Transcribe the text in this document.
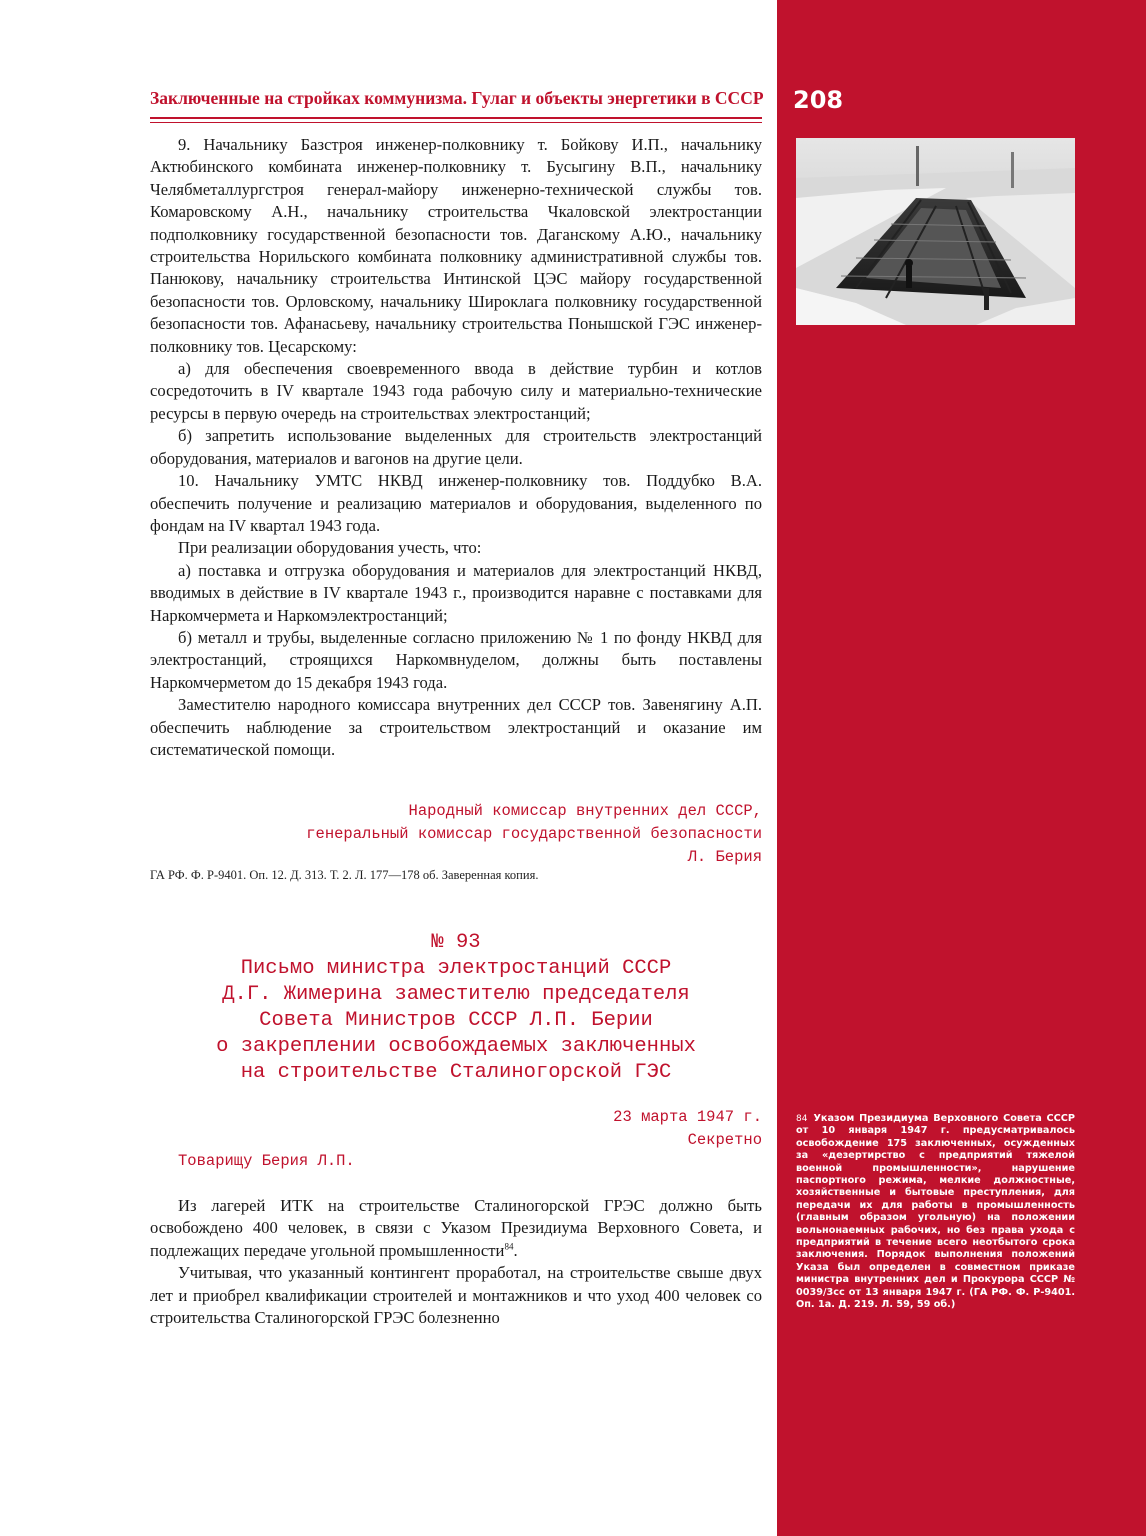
Заключенные на стройках коммунизма. Гулаг и объекты энергетики в СССР 208

9. Начальнику Базстроя инженер-полковнику т. Бойкову И.П., начальнику Актюбинского комбината инженер-полковнику т. Бусыгину В.П., начальнику Челябметаллургстроя генерал-майору инженерно-технической службы тов. Комаровскому А.Н., начальнику строительства Чкаловской электростанции подполковнику государственной безопасности тов. Даганскому А.Ю., начальнику строительства Норильского комбината полковнику административной службы тов. Панюкову, начальнику строительства Интинской ЦЭС майору государственной безопасности тов. Орловскому, начальнику Широклага полковнику государственной безопасности тов. Афанасьеву, начальнику строительства Понышской ГЭС инженер-полковнику тов. Цесарскому:

а) для обеспечения своевременного ввода в действие турбин и котлов сосредоточить в IV квартале 1943 года рабочую силу и материально-технические ресурсы в первую очередь на строительствах электростанций;

б) запретить использование выделенных для строительств электростанций оборудования, материалов и вагонов на другие цели.

10. Начальнику УМТС НКВД инженер-полковнику тов. Поддубко В.А. обеспечить получение и реализацию материалов и оборудования, выделенного по фондам на IV квартал 1943 года.

При реализации оборудования учесть, что:

а) поставка и отгрузка оборудования и материалов для электростанций НКВД, вводимых в действие в IV квартале 1943 г., производится наравне с поставками для Наркомчермета и Наркомэлектростанций;

б) металл и трубы, выделенные согласно приложению № 1 по фонду НКВД для электростанций, строящихся Наркомвнуделом, должны быть поставлены Наркомчерметом до 15 декабря 1943 года.

Заместителю народного комиссара внутренних дел СССР тов. Завенягину А.П. обеспечить наблюдение за строительством электростанций и оказание им систематической помощи.

Народный комиссар внутренних дел СССР,
генеральный комиссар государственной безопасности
Л. Берия
ГА РФ. Ф. Р-9401. Оп. 12. Д. 313. Т. 2. Л. 177—178 об. Заверенная копия.
№ 93
Письмо министра электростанций СССР
Д.Г. Жимерина заместителю председателя
Совета Министров СССР Л.П. Берии
о закреплении освобождаемых заключенных
на строительстве Сталиногорской ГЭС
23 марта 1947 г.
Секретно
Товарищу Берия Л.П.

Из лагерей ИТК на строительстве Сталиногорской ГРЭС должно быть освобождено 400 человек, в связи с Указом Президиума Верховного Совета, и подлежащих передаче угольной промышленности$^{84}$.

Учитывая, что указанный контингент проработал, на строительстве свыше двух лет и приобрел квалификации строителей и монтажников и что уход 400 человек со строительства Сталиногорской ГРЭС болезненно

84 Указом Президиума Верховного Совета СССР от 10 января 1947 г. предусматривалось освобождение 175 заключенных, осужденных за «дезертирство с предприятий тяжелой военной промышленности», нарушение паспортного режима, мелкие должностные, хозяйственные и бытовые преступления, для передачи их для работы в промышленность (главным образом угольную) на положении вольнонаемных рабочих, но без права ухода с предприятий в течение всего неотбытого срока заключения. Порядок выполнения положений Указа был определен в совместном приказе министра внутренних дел и Прокурора СССР № 0039/3сс от 13 января 1947 г. (ГА РФ. Ф. Р-9401. Оп. 1а. Д. 219. Л. 59, 59 об.)
